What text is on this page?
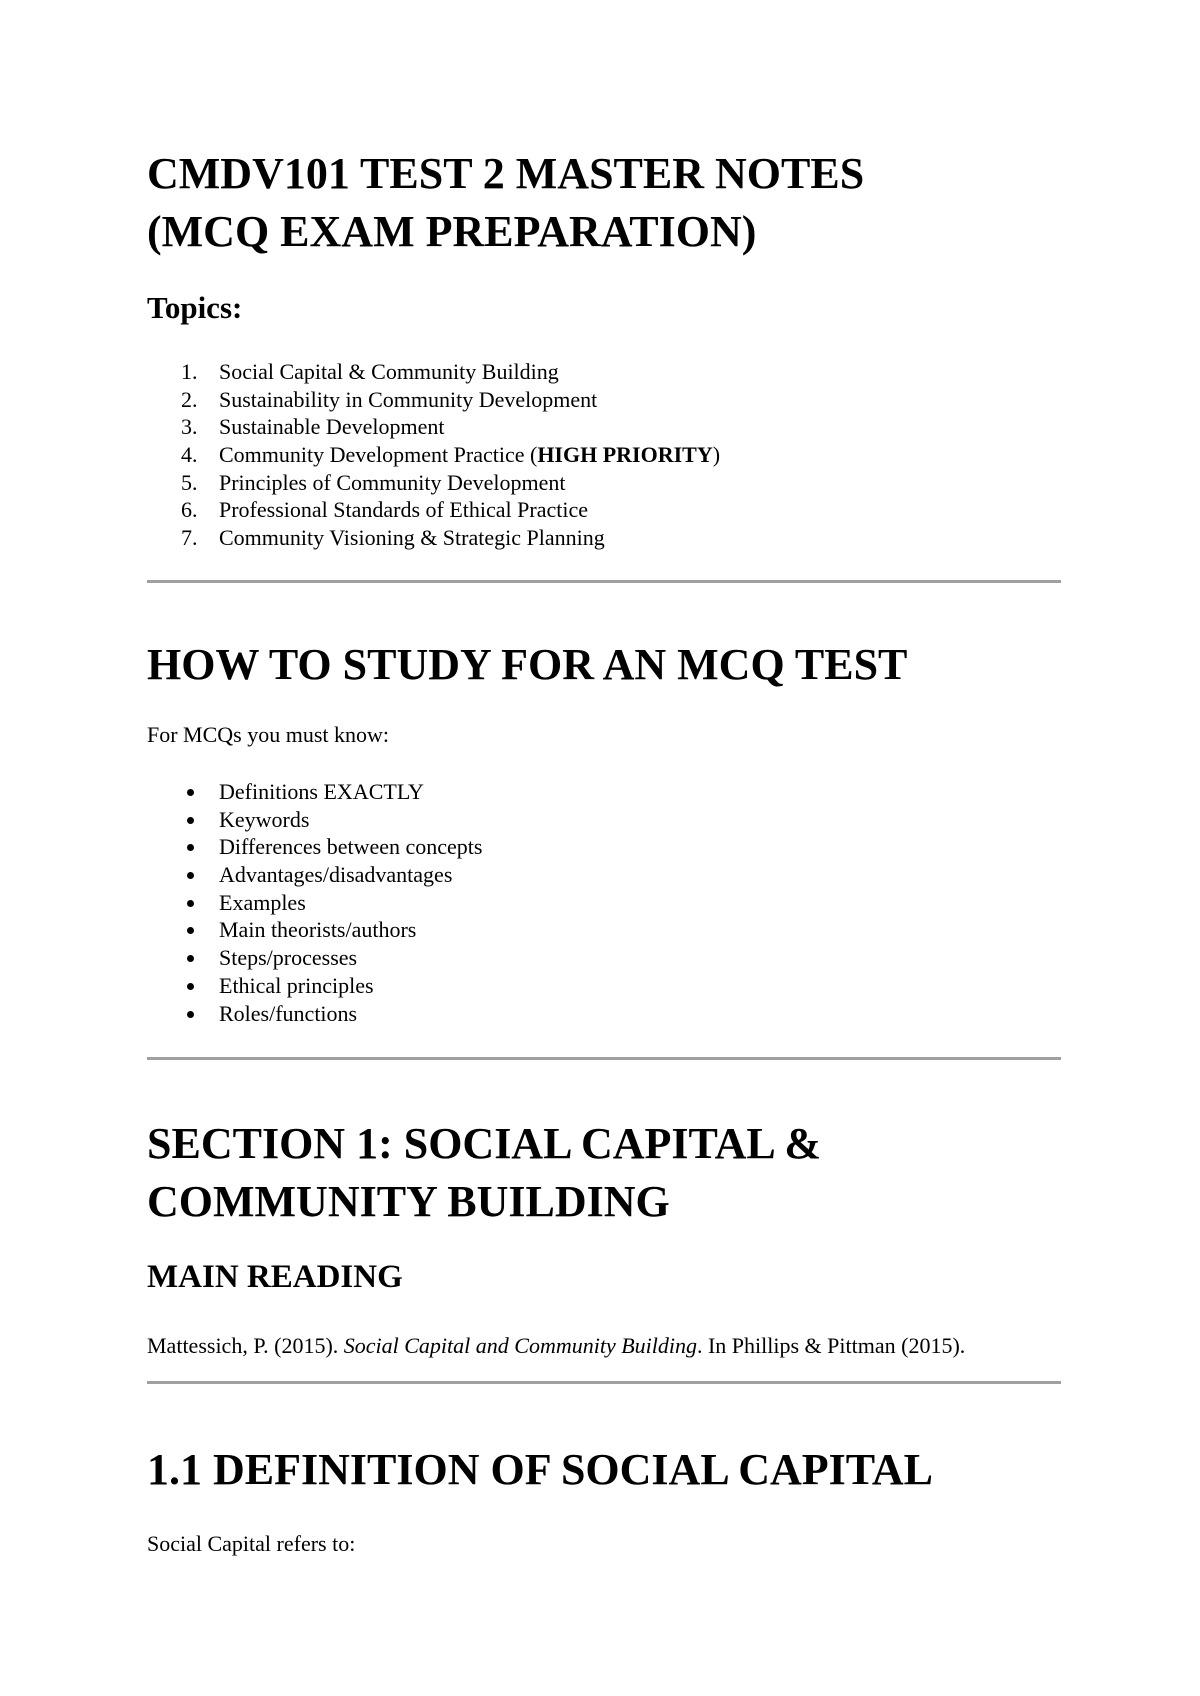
CMDV101 TEST 2 MASTER NOTES
(MCQ EXAM PREPARATION)
Topics:
1. Social Capital & Community Building
2. Sustainability in Community Development
3. Sustainable Development
4. Community Development Practice (HIGH PRIORITY)
5. Principles of Community Development
6. Professional Standards of Ethical Practice
7. Community Visioning & Strategic Planning
HOW TO STUDY FOR AN MCQ TEST

For MCQs you must know:

Definitions EXACTLY
Keywords
Differences between concepts
Advantages/disadvantages
Examples
Main theorists/authors
Steps/processes
Ethical principles
Roles/functions
SECTION 1: SOCIAL CAPITAL &
COMMUNITY BUILDING
MAIN READING

Mattessich, P. (2015). Social Capital and Community Building. In Phillips & Pittman (2015).

1.1 DEFINITION OF SOCIAL CAPITAL

Social Capital refers to:
